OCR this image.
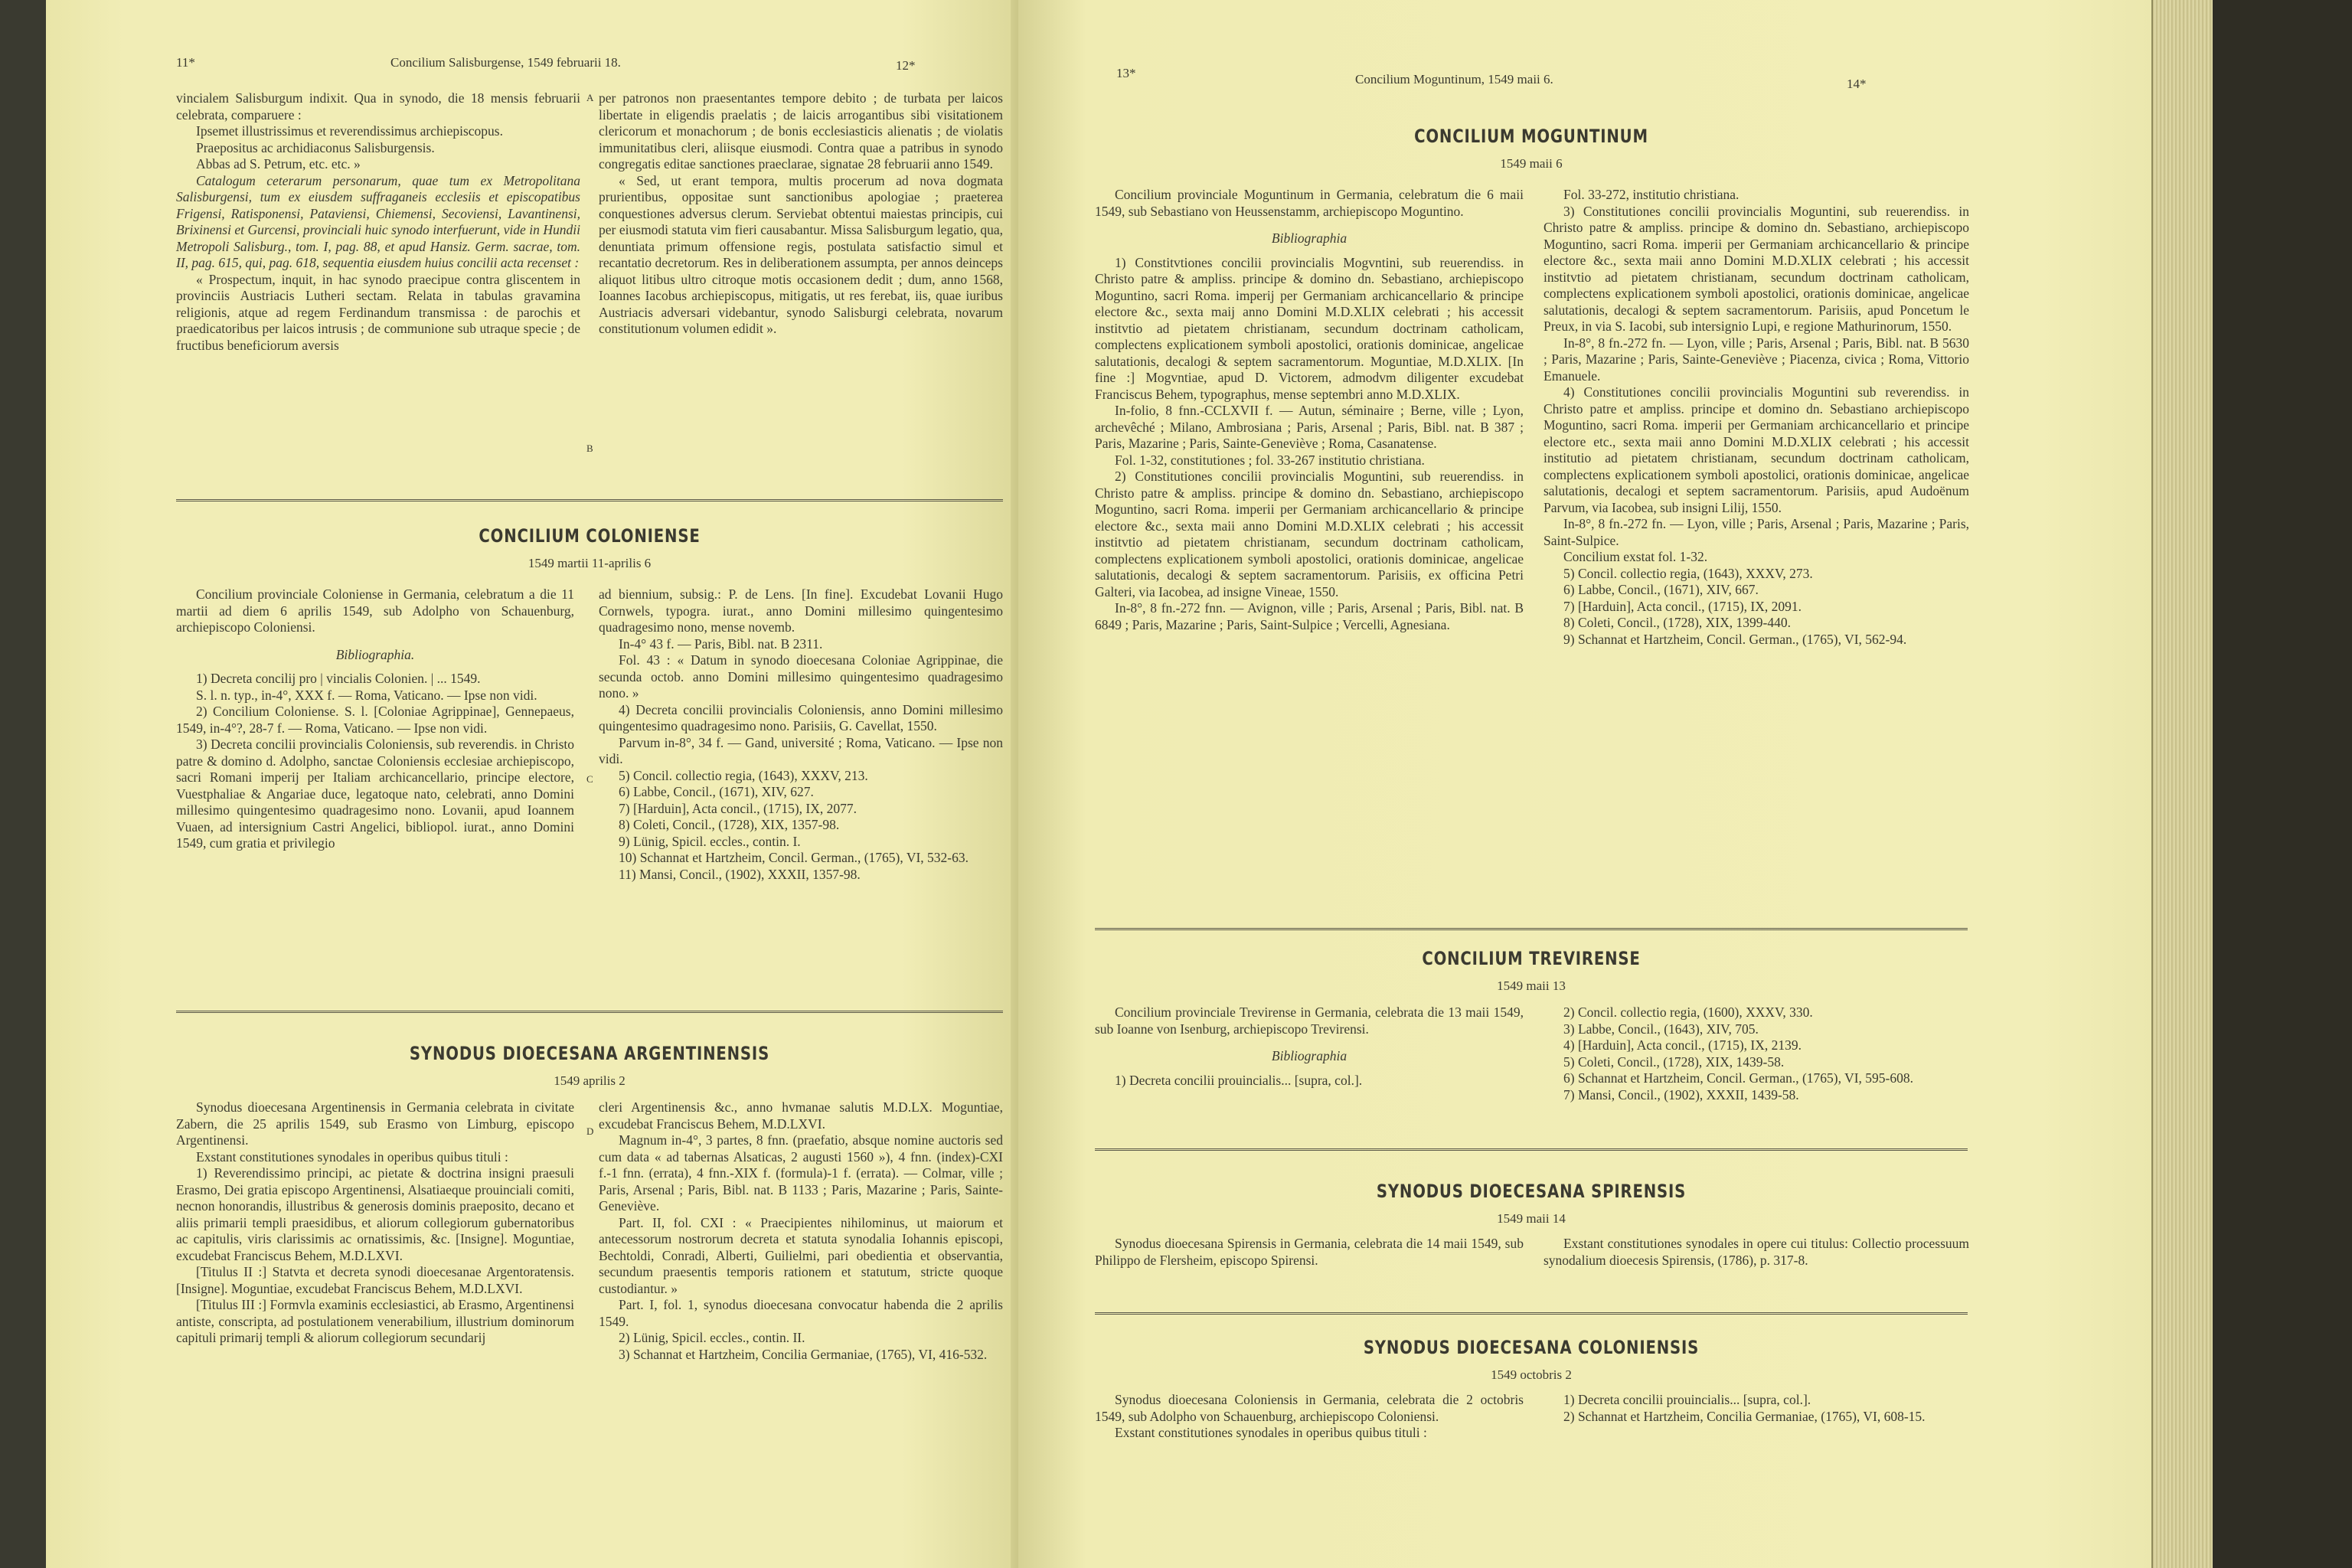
11*	Concilium Salisburgense, 1549 februarii 18.	12*

vincialem Salisburgum indixit. Qua in synodo, die 18 mensis februarii celebrata, comparuere :

Ipsemet illustrissimus et reverendissimus archiepiscopus.

Praepositus ac archidiaconus Salisburgensis.

Abbas ad S. Petrum, etc. etc. »

Catalogum ceterarum personarum, quae tum ex Metropolitana Salisburgensi, tum ex eiusdem suffraganeis ecclesiis et episcopatibus Frigensi, Ratisponensi, Pataviensi, Chiemensi, Secoviensi, Lavantinensi, Brixinensi et Gurcensi, provinciali huic synodo interfuerunt, vide in Hundii Metropoli Salisburg., tom. I, pag. 88, et apud Hansiz. Germ. sacrae, tom. II, pag. 615, qui, pag. 618, sequentia eiusdem huius concilii acta recenset :

« Prospectum, inquit, in hac synodo praecipue contra gliscentem in provinciis Austriacis Lutheri sectam. Relata in tabulas gravamina religionis, atque ad regem Ferdinandum transmissa : de parochis et praedicatoribus per laicos intrusis ; de communione sub utraque specie ; de fructibus beneficiorum aversis

per patronos non praesentantes tempore debito ; de turbata per laicos libertate in eligendis praelatis ; de laicis arrogantibus sibi visitationem clericorum et monachorum ; de bonis ecclesiasticis alienatis ; de violatis immunitatibus cleri, aliisque eiusmodi. Contra quae a patribus in synodo congregatis editae sanctiones praeclarae, signatae 28 februarii anno 1549.

« Sed, ut erant tempora, multis procerum ad nova dogmata prurientibus, oppositae sunt sanctionibus apologiae ; praeterea conquestiones adversus clerum. Serviebat obtentui maiestas principis, cui per eiusmodi statuta vim fieri causabantur. Missa Salisburgum legatio, qua, denuntiata primum offensione regis, postulata satisfactio simul et recantatio decretorum. Res in deliberationem assumpta, per annos deinceps aliquot litibus ultro citroque motis occasionem dedit ; dum, anno 1568, Ioannes Iacobus archiepiscopus, mitigatis, ut res ferebat, iis, quae iuribus Austriacis adversari videbantur, synodo Salisburgi celebrata, novarum constitutionum volumen edidit ».

A
B
CONCILIUM COLONIENSE
1549 martii 11-aprilis 6

Concilium provinciale Coloniense in Germania, celebratum a die 11 martii ad diem 6 aprilis 1549, sub Adolpho von Schauenburg, archiepiscopo Coloniensi.

Bibliographia.

1) Decreta concilij pro | vincialis Colonien. | ... 1549.

S. l. n. typ., in-4°, XXX f. — Roma, Vaticano. — Ipse non vidi.

2) Concilium Coloniense. S. l. [Coloniae Agrippinae], Gennepaeus, 1549, in-4°?, 28-7 f. — Roma, Vaticano. — Ipse non vidi.

3) Decreta concilii provincialis Coloniensis, sub reverendis. in Christo patre & domino d. Adolpho, sanctae Coloniensis ecclesiae archiepiscopo, sacri Romani imperij per Italiam archicancellario, principe electore, Vuestphaliae & Angariae duce, legatoque nato, celebrati, anno Domini millesimo quingentesimo quadragesimo nono. Lovanii, apud Ioannem Vuaen, ad intersignium Castri Angelici, bibliopol. iurat., anno Domini 1549, cum gratia et privilegio

ad biennium, subsig.: P. de Lens. [In fine]. Excudebat Lovanii Hugo Cornwels, typogra. iurat., anno Domini millesimo quingentesimo quadragesimo nono, mense novemb.

In-4° 43 f. — Paris, Bibl. nat. B 2311.

Fol. 43 : « Datum in synodo dioecesana Coloniae Agrippinae, die secunda octob. anno Domini millesimo quingentesimo quadragesimo nono. »

4) Decreta concilii provincialis Coloniensis, anno Domini millesimo quingentesimo quadragesimo nono. Parisiis, G. Cavellat, 1550.

Parvum in-8°, 34 f. — Gand, université ; Roma, Vaticano. — Ipse non vidi.

5) Concil. collectio regia, (1643), XXXV, 213.

6) Labbe, Concil., (1671), XIV, 627.

7) [Harduin], Acta concil., (1715), IX, 2077.

8) Coleti, Concil., (1728), XIX, 1357-98.

9) Lünig, Spicil. eccles., contin. I.

10) Schannat et Hartzheim, Concil. German., (1765), VI, 532-63.

11) Mansi, Concil., (1902), XXXII, 1357-98.

C
SYNODUS DIOECESANA ARGENTINENSIS
1549 aprilis 2

Synodus dioecesana Argentinensis in Germania celebrata in civitate Zabern, die 25 aprilis 1549, sub Erasmo von Limburg, episcopo Argentinensi.

Exstant constitutiones synodales in operibus quibus tituli :

1) Reverendissimo principi, ac pietate & doctrina insigni praesuli Erasmo, Dei gratia episcopo Argentinensi, Alsatiaeque prouinciali comiti, necnon honorandis, illustribus & generosis dominis praeposito, decano et aliis primarii templi praesidibus, et aliorum collegiorum gubernatoribus ac capitulis, viris clarissimis ac ornatissimis, &c. [Insigne]. Moguntiae, excudebat Franciscus Behem, M.D.LXVI.

[Titulus II :] Statvta et decreta synodi dioecesanae Argentoratensis. [Insigne]. Moguntiae, excudebat Franciscus Behem, M.D.LXVI.

[Titulus III :] Formvla examinis ecclesiastici, ab Erasmo, Argentinensi antiste, conscripta, ad postulationem venerabilium, illustrium dominorum capituli primarij templi & aliorum collegiorum secundarij

cleri Argentinensis &c., anno hvmanae salutis M.D.LX. Moguntiae, excudebat Franciscus Behem, M.D.LXVI.

Magnum in-4°, 3 partes, 8 fnn. (praefatio, absque nomine auctoris sed cum data « ad tabernas Alsaticas, 2 augusti 1560 »), 4 fnn. (index)-CXI f.-1 fnn. (errata), 4 fnn.-XIX f. (formula)-1 f. (errata). — Colmar, ville ; Paris, Arsenal ; Paris, Bibl. nat. B 1133 ; Paris, Mazarine ; Paris, Sainte-Geneviève.

Part. II, fol. CXI : « Praecipientes nihilominus, ut maiorum et antecessorum nostrorum decreta et statuta synodalia Iohannis episcopi, Bechtoldi, Conradi, Alberti, Guilielmi, pari obedientia et observantia, secundum praesentis temporis rationem et statutum, stricte quoque custodiantur. »

Part. I, fol. 1, synodus dioecesana convocatur habenda die 2 aprilis 1549.

2) Lünig, Spicil. eccles., contin. II.

3) Schannat et Hartzheim, Concilia Germaniae, (1765), VI, 416-532.

D
13*	Concilium Moguntinum, 1549 maii 6.	14*
CONCILIUM MOGUNTINUM
1549 maii 6

Concilium provinciale Moguntinum in Germania, celebratum die 6 maii 1549, sub Sebastiano von Heussenstamm, archiepiscopo Moguntino.

Bibliographia

1) Constitvtiones concilii provincialis Mogvntini, sub reuerendiss. in Christo patre & ampliss. principe & domino dn. Sebastiano, archiepiscopo Moguntino, sacri Roma. imperij per Germaniam archicancellario & principe electore &c., sexta maij anno Domini M.D.XLIX celebrati ; his accessit institvtio ad pietatem christianam, secundum doctrinam catholicam, complectens explicationem symboli apostolici, orationis dominicae, angelicae salutationis, decalogi & septem sacramentorum. Moguntiae, M.D.XLIX. [In fine :] Mogvntiae, apud D. Victorem, admodvm diligenter excudebat Franciscus Behem, typographus, mense septembri anno M.D.XLIX.

In-folio, 8 fnn.-CCLXVII f. — Autun, séminaire ; Berne, ville ; Lyon, archevêché ; Milano, Ambrosiana ; Paris, Arsenal ; Paris, Bibl. nat. B 387 ; Paris, Mazarine ; Paris, Sainte-Geneviève ; Roma, Casanatense.

Fol. 1-32, constitutiones ; fol. 33-267 institutio christiana.

2) Constitutiones concilii provincialis Moguntini, sub reuerendiss. in Christo patre & ampliss. principe & domino dn. Sebastiano, archiepiscopo Moguntino, sacri Roma. imperii per Germaniam archicancellario & principe electore &c., sexta maii anno Domini M.D.XLIX celebrati ; his accessit institvtio ad pietatem christianam, secundum doctrinam catholicam, complectens explicationem symboli apostolici, orationis dominicae, angelicae salutationis, decalogi & septem sacramentorum. Parisiis, ex officina Petri Galteri, via Iacobea, ad insigne Vineae, 1550.

In-8°, 8 fn.-272 fnn. — Avignon, ville ; Paris, Arsenal ; Paris, Bibl. nat. B 6849 ; Paris, Mazarine ; Paris, Saint-Sulpice ; Vercelli, Agnesiana.

Fol. 33-272, institutio christiana.

3) Constitutiones concilii provincialis Moguntini, sub reuerendiss. in Christo patre & ampliss. principe & domino dn. Sebastiano, archiepiscopo Moguntino, sacri Roma. imperii per Germaniam archicancellario & principe electore &c., sexta maii anno Domini M.D.XLIX celebrati ; his accessit institvtio ad pietatem christianam, secundum doctrinam catholicam, complectens explicationem symboli apostolici, orationis dominicae, angelicae salutationis, decalogi & septem sacramentorum. Parisiis, apud Poncetum le Preux, in via S. Iacobi, sub intersignio Lupi, e regione Mathurinorum, 1550.

In-8°, 8 fn.-272 fn. — Lyon, ville ; Paris, Arsenal ; Paris, Bibl. nat. B 5630 ; Paris, Mazarine ; Paris, Sainte-Geneviève ; Piacenza, civica ; Roma, Vittorio Emanuele.

4) Constitutiones concilii provincialis Moguntini sub reverendiss. in Christo patre et ampliss. principe et domino dn. Sebastiano archiepiscopo Moguntino, sacri Roma. imperii per Germaniam archicancellario et principe electore etc., sexta maii anno Domini M.D.XLIX celebrati ; his accessit institutio ad pietatem christianam, secundum doctrinam catholicam, complectens explicationem symboli apostolici, orationis dominicae, angelicae salutationis, decalogi et septem sacramentorum. Parisiis, apud Audoënum Parvum, via Iacobea, sub insigni Lilij, 1550.

In-8°, 8 fn.-272 fn. — Lyon, ville ; Paris, Arsenal ; Paris, Mazarine ; Paris, Saint-Sulpice.

Concilium exstat fol. 1-32.

5) Concil. collectio regia, (1643), XXXV, 273.

6) Labbe, Concil., (1671), XIV, 667.

7) [Harduin], Acta concil., (1715), IX, 2091.

8) Coleti, Concil., (1728), XIX, 1399-440.

9) Schannat et Hartzheim, Concil. German., (1765), VI, 562-94.

CONCILIUM TREVIRENSE
1549 maii 13

Concilium provinciale Trevirense in Germania, celebrata die 13 maii 1549, sub Ioanne von Isenburg, archiepiscopo Trevirensi.

Bibliographia

1) Decreta concilii prouincialis... [supra, col.].

2) Concil. collectio regia, (1600), XXXV, 330.

3) Labbe, Concil., (1643), XIV, 705.

4) [Harduin], Acta concil., (1715), IX, 2139.

5) Coleti, Concil., (1728), XIX, 1439-58.

6) Schannat et Hartzheim, Concil. German., (1765), VI, 595-608.

7) Mansi, Concil., (1902), XXXII, 1439-58.

SYNODUS DIOECESANA SPIRENSIS
1549 maii 14

Synodus dioecesana Spirensis in Germania, celebrata die 14 maii 1549, sub Philippo de Flersheim, episcopo Spirensi.

Exstant constitutiones synodales in opere cui titulus: Collectio processuum synodalium dioecesis Spirensis, (1786), p. 317-8.

SYNODUS DIOECESANA COLONIENSIS
1549 octobris 2

Synodus dioecesana Coloniensis in Germania, celebrata die 2 octobris 1549, sub Adolpho von Schauenburg, archiepiscopo Coloniensi.

Exstant constitutiones synodales in operibus quibus tituli :

1) Decreta concilii prouincialis... [supra, col.].

2) Schannat et Hartzheim, Concilia Germaniae, (1765), VI, 608-15.
